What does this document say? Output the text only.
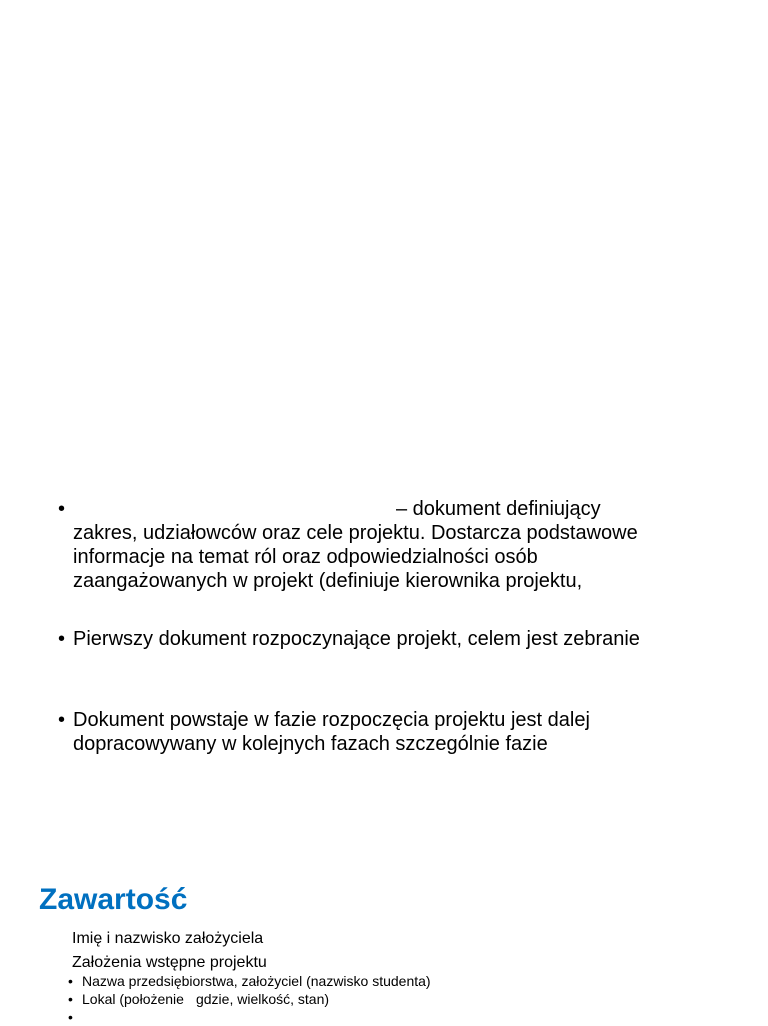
•	– dokument definiujący
zakres, udziałowców oraz cele projektu. Dostarcza podstawowe
informacje na temat ról oraz odpowiedzialności osób
zaangażowanych w projekt (definiuje kierownika projektu,
• Pierwszy dokument rozpoczynające projekt, celem jest zebranie
• Dokument powstaje w fazie rozpoczęcia projektu jest dalej
dopracowywany w kolejnych fazach szczególnie fazie
Zawartość
Imię i nazwisko założyciela
Założenia wstępne projektu
• Nazwa przedsiębiorstwa, założyciel (nazwisko studenta)
• Lokal (położenie gdzie, wielkość, stan)
•
